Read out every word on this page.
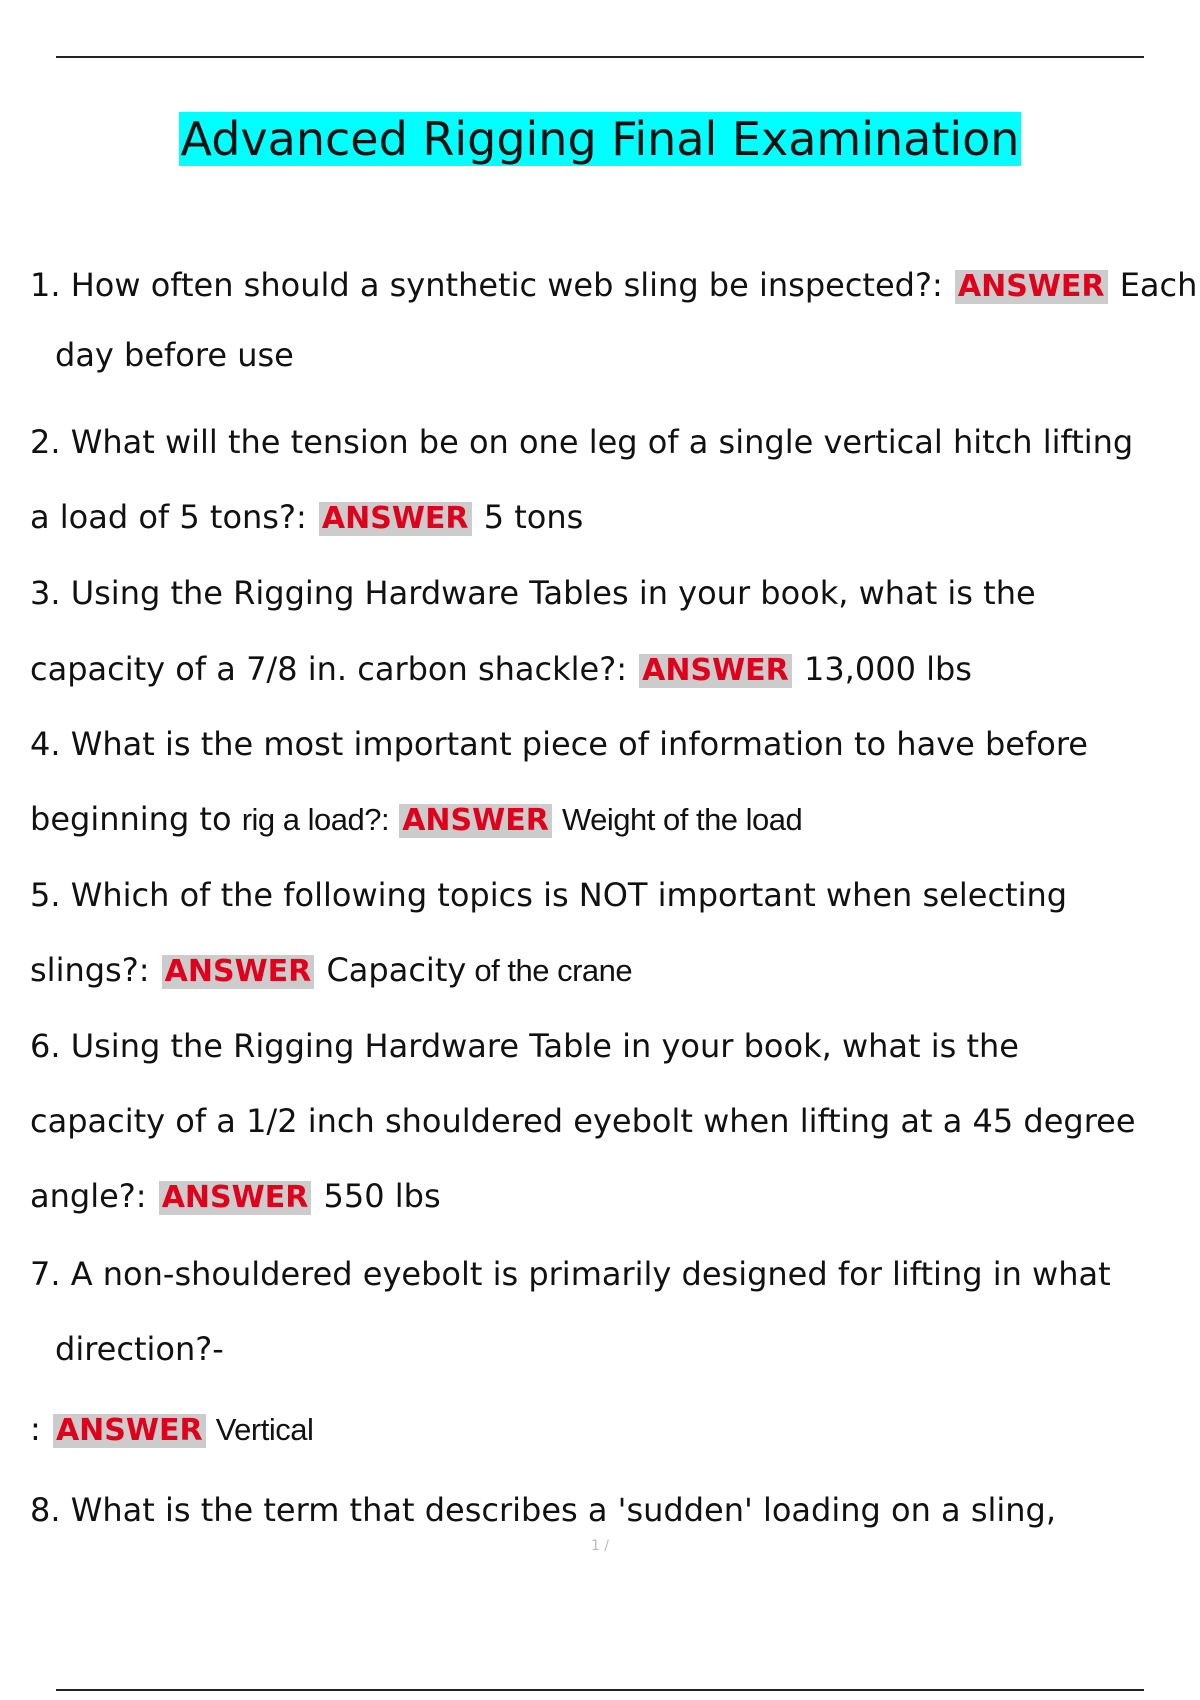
Advanced Rigging Final Examination
1. How often should a synthetic web sling be inspected?: ANSWER Each
day before use
2. What will the tension be on one leg of a single vertical hitch lifting
a load of 5 tons?: ANSWER 5 tons
3. Using the Rigging Hardware Tables in your book, what is the
capacity of a 7/8 in. carbon shackle?: ANSWER 13,000 lbs
4. What is the most important piece of information to have before
beginning to rig a load?: ANSWER Weight of the load
5. Which of the following topics is NOT important when selecting
slings?: ANSWER Capacity of the crane
6. Using the Rigging Hardware Table in your book, what is the
capacity of a 1/2 inch shouldered eyebolt when lifting at a 45 degree
angle?: ANSWER 550 lbs
7. A non-shouldered eyebolt is primarily designed for lifting in what
direction?-
: ANSWER Vertical
8. What is the term that describes a 'sudden' loading on a sling,
1 /
